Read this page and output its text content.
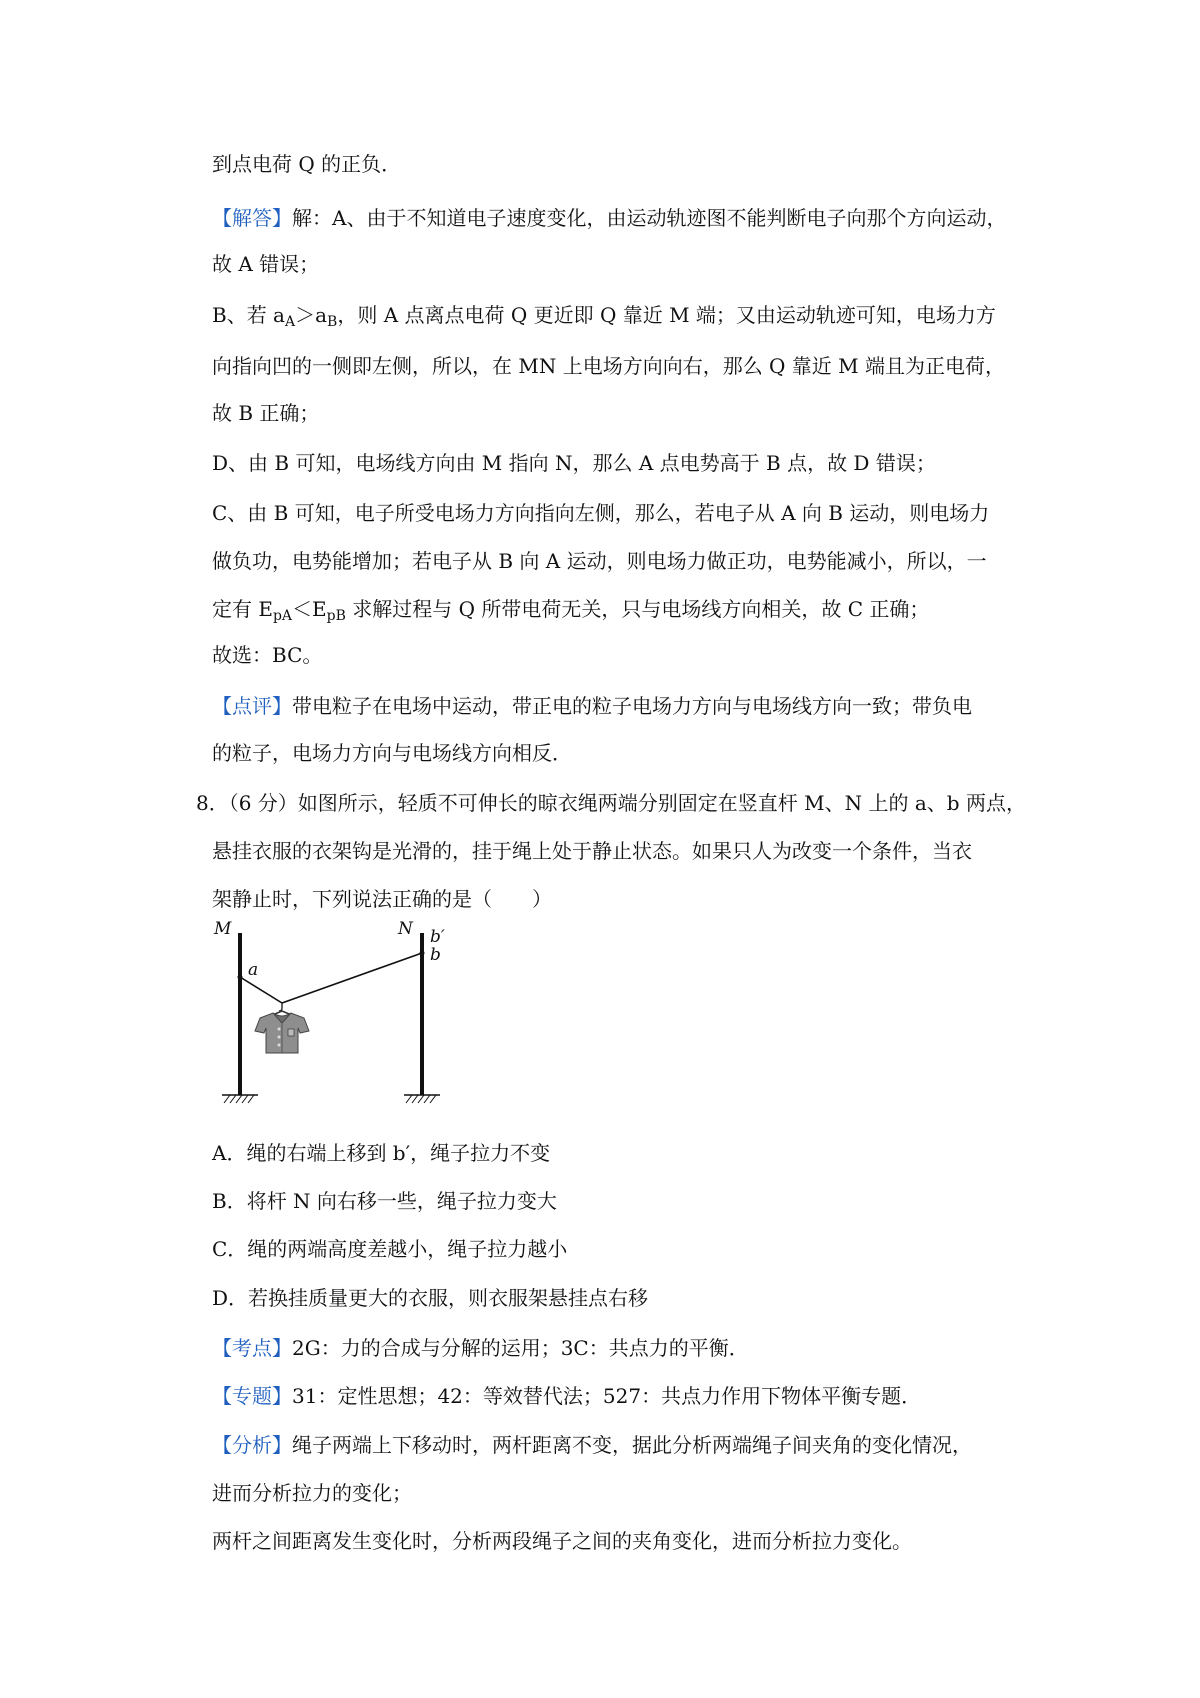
到点电荷 Q 的正负．
【解答】解：A、由于不知道电子速度变化，由运动轨迹图不能判断电子向那个方向运动，
故 A 错误；
B、若 $a_A>a_B$，则 A 点离点电荷 Q 更近即 Q 靠近 M 端；又由运动轨迹可知，电场力方
向指向凹的一侧即左侧，所以，在 MN 上电场方向向右，那么 Q 靠近 M 端且为正电荷，
故 B 正确；
D、由 B 可知，电场线方向由 M 指向 N，那么 A 点电势高于 B 点，故 D 错误；
C、由 B 可知，电子所受电场力方向指向左侧，那么，若电子从 A 向 B 运动，则电场力
做负功，电势能增加；若电子从 B 向 A 运动，则电场力做正功，电势能减小，所以，一
定有 $E_{pA}<E_{pB}$ 求解过程与 Q 所带电荷无关，只与电场线方向相关，故 C 正确；
故选：BC。
【点评】带电粒子在电场中运动，带正电的粒子电场力方向与电场线方向一致；带负电
的粒子，电场力方向与电场线方向相反．
8．（6 分）如图所示，轻质不可伸长的晾衣绳两端分别固定在竖直杆 M、N 上的 a、b 两点，
悬挂衣服的衣架钩是光滑的，挂于绳上处于静止状态。如果只人为改变一个条件，当衣
架静止时，下列说法正确的是（　　）
M	N
a
b
b′
A．绳的右端上移到 b′，绳子拉力不变
B．将杆 N 向右移一些，绳子拉力变大
C．绳的两端高度差越小，绳子拉力越小
D．若换挂质量更大的衣服，则衣服架悬挂点右移
【考点】2G：力的合成与分解的运用；3C：共点力的平衡．
【专题】31：定性思想；42：等效替代法；527：共点力作用下物体平衡专题．
【分析】绳子两端上下移动时，两杆距离不变，据此分析两端绳子间夹角的变化情况，
进而分析拉力的变化；
两杆之间距离发生变化时，分析两段绳子之间的夹角变化，进而分析拉力变化。
